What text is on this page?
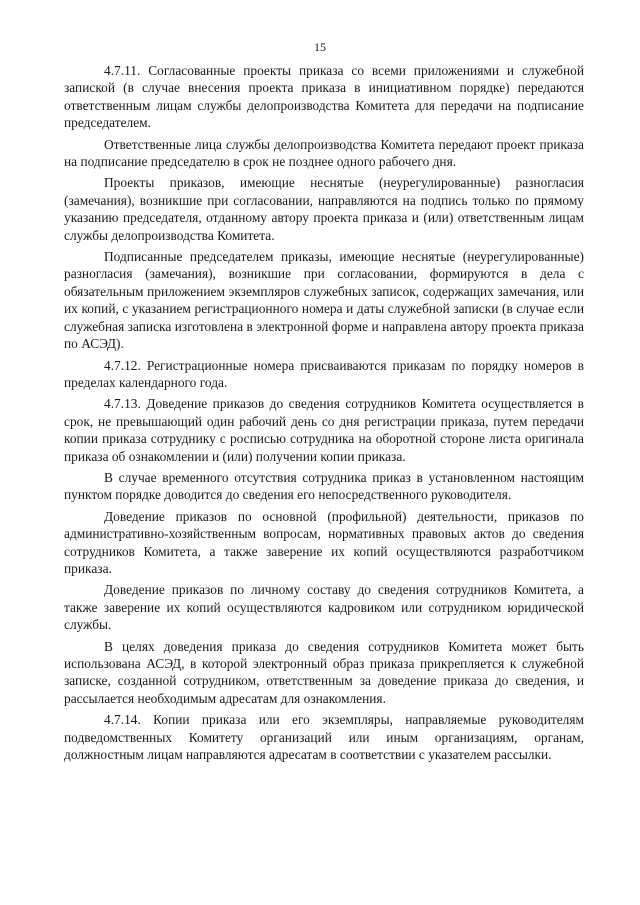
15

4.7.11. Согласованные проекты приказа со всеми приложениями и служебной запиской (в случае внесения проекта приказа в инициативном порядке) передаются ответственным лицам службы делопроизводства Комитета для передачи на подписание председателем.

Ответственные лица службы делопроизводства Комитета передают проект приказа на подписание председателю в срок не позднее одного рабочего дня.

Проекты приказов, имеющие неснятые (неурегулированные) разногласия (замечания), возникшие при согласовании, направляются на подпись только по прямому указанию председателя, отданному автору проекта приказа и (или) ответственным лицам службы делопроизводства Комитета.

Подписанные председателем приказы, имеющие неснятые (неурегулированные) разногласия (замечания), возникшие при согласовании, формируются в дела с обязательным приложением экземпляров служебных записок, содержащих замечания, или их копий, с указанием регистрационного номера и даты служебной записки (в случае если служебная записка изготовлена в электронной форме и направлена автору проекта приказа по АСЭД).

4.7.12. Регистрационные номера присваиваются приказам по порядку номеров в пределах календарного года.

4.7.13. Доведение приказов до сведения сотрудников Комитета осуществляется в срок, не превышающий один рабочий день со дня регистрации приказа, путем передачи копии приказа сотруднику с росписью сотрудника на оборотной стороне листа оригинала приказа об ознакомлении и (или) получении копии приказа.

В случае временного отсутствия сотрудника приказ в установленном настоящим пунктом порядке доводится до сведения его непосредственного руководителя.

Доведение приказов по основной (профильной) деятельности, приказов по административно-хозяйственным вопросам, нормативных правовых актов до сведения сотрудников Комитета, а также заверение их копий осуществляются разработчиком приказа.

Доведение приказов по личному составу до сведения сотрудников Комитета, а также заверение их копий осуществляются кадровиком или сотрудником юридической службы.

В целях доведения приказа до сведения сотрудников Комитета может быть использована АСЭД, в которой электронный образ приказа прикрепляется к служебной записке, созданной сотрудником, ответственным за доведение приказа до сведения, и рассылается необходимым адресатам для ознакомления.

4.7.14. Копии приказа или его экземпляры, направляемые руководителям подведомственных Комитету организаций или иным организациям, органам, должностным лицам направляются адресатам в соответствии с указателем рассылки.
